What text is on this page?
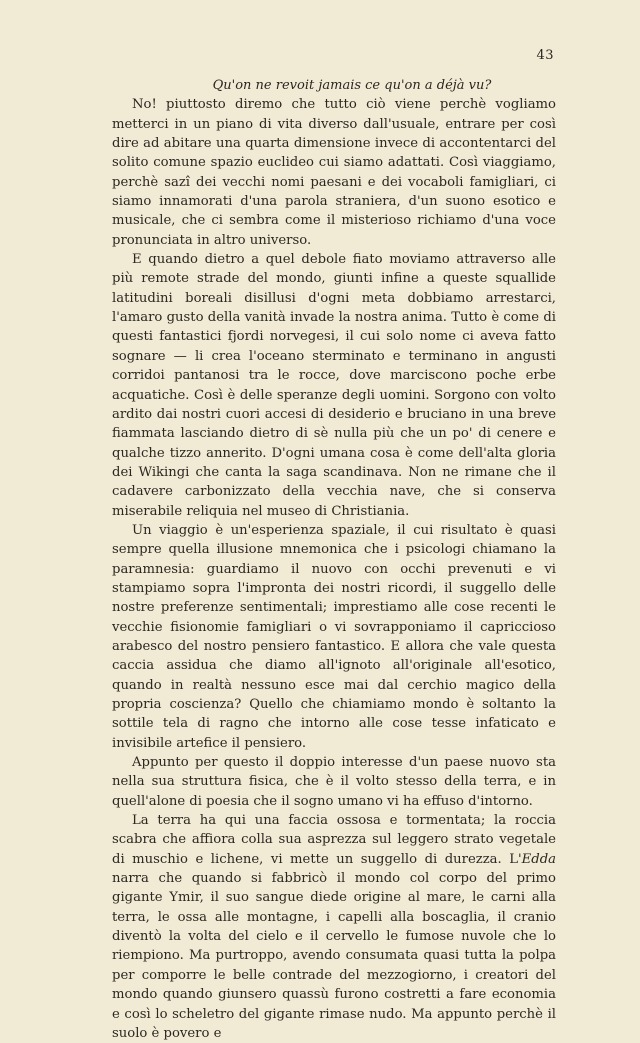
43

Qu'on ne revoit jamais ce qu'on a déjà vu?

No! piuttosto diremo che tutto ciò viene perchè vogliamo metterci in un piano di vita diverso dall'usuale, entrare per così dire ad abitare una quarta dimensione invece di accontentarci del solito comune spazio euclideo cui siamo adattati. Così viaggiamo, perchè sazî dei vecchi nomi paesani e dei vocaboli famigliari, ci siamo innamorati d'una parola straniera, d'un suono esotico e musicale, che ci sembra come il misterioso richiamo d'una voce pronunciata in altro universo.

E quando dietro a quel debole fiato moviamo attraverso alle più remote strade del mondo, giunti infine a queste squallide latitudini boreali disillusi d'ogni meta dobbiamo arrestarci, l'amaro gusto della vanità invade la nostra anima. Tutto è come di questi fantastici fjordi norvegesi, il cui solo nome ci aveva fatto sognare — li crea l'oceano sterminato e terminano in angusti corridoi pantanosi tra le rocce, dove marciscono poche erbe acquatiche. Così è delle speranze degli uomini. Sorgono con volto ardito dai nostri cuori accesi di desiderio e bruciano in una breve fiammata lasciando dietro di sè nulla più che un po' di cenere e qualche tizzo annerito. D'ogni umana cosa è come dell'alta gloria dei Wikingi che canta la saga scandinava. Non ne rimane che il cadavere carbonizzato della vecchia nave, che si conserva miserabile reliquia nel museo di Christiania.

Un viaggio è un'esperienza spaziale, il cui risultato è quasi sempre quella illusione mnemonica che i psicologi chiamano la paramnesia: guardiamo il nuovo con occhi prevenuti e vi stampiamo sopra l'impronta dei nostri ricordi, il suggello delle nostre preferenze sentimentali; imprestiamo alle cose recenti le vecchie fisionomie famigliari o vi sovrapponiamo il capriccioso arabesco del nostro pensiero fantastico. E allora che vale questa caccia assidua che diamo all'ignoto all'originale all'esotico, quando in realtà nessuno esce mai dal cerchio magico della propria coscienza? Quello che chiamiamo mondo è soltanto la sottile tela di ragno che intorno alle cose tesse infaticato e invisibile artefice il pensiero.

Appunto per questo il doppio interesse d'un paese nuovo sta nella sua struttura fisica, che è il volto stesso della terra, e in quell'alone di poesia che il sogno umano vi ha effuso d'intorno.

La terra ha qui una faccia ossosa e tormentata; la roccia scabra che affiora colla sua asprezza sul leggero strato vegetale di muschio e lichene, vi mette un suggello di durezza. L'Edda narra che quando si fabbricò il mondo col corpo del primo gigante Ymir, il suo sangue diede origine al mare, le carni alla terra, le ossa alle montagne, i capelli alla boscaglia, il cranio diventò la volta del cielo e il cervello le fumose nuvole che lo riempiono. Ma purtroppo, avendo consumata quasi tutta la polpa per comporre le belle contrade del mezzogiorno, i creatori del mondo quando giunsero quassù furono costretti a fare economia e così lo scheletro del gigante rimase nudo. Ma appunto perchè il suolo è povero e
